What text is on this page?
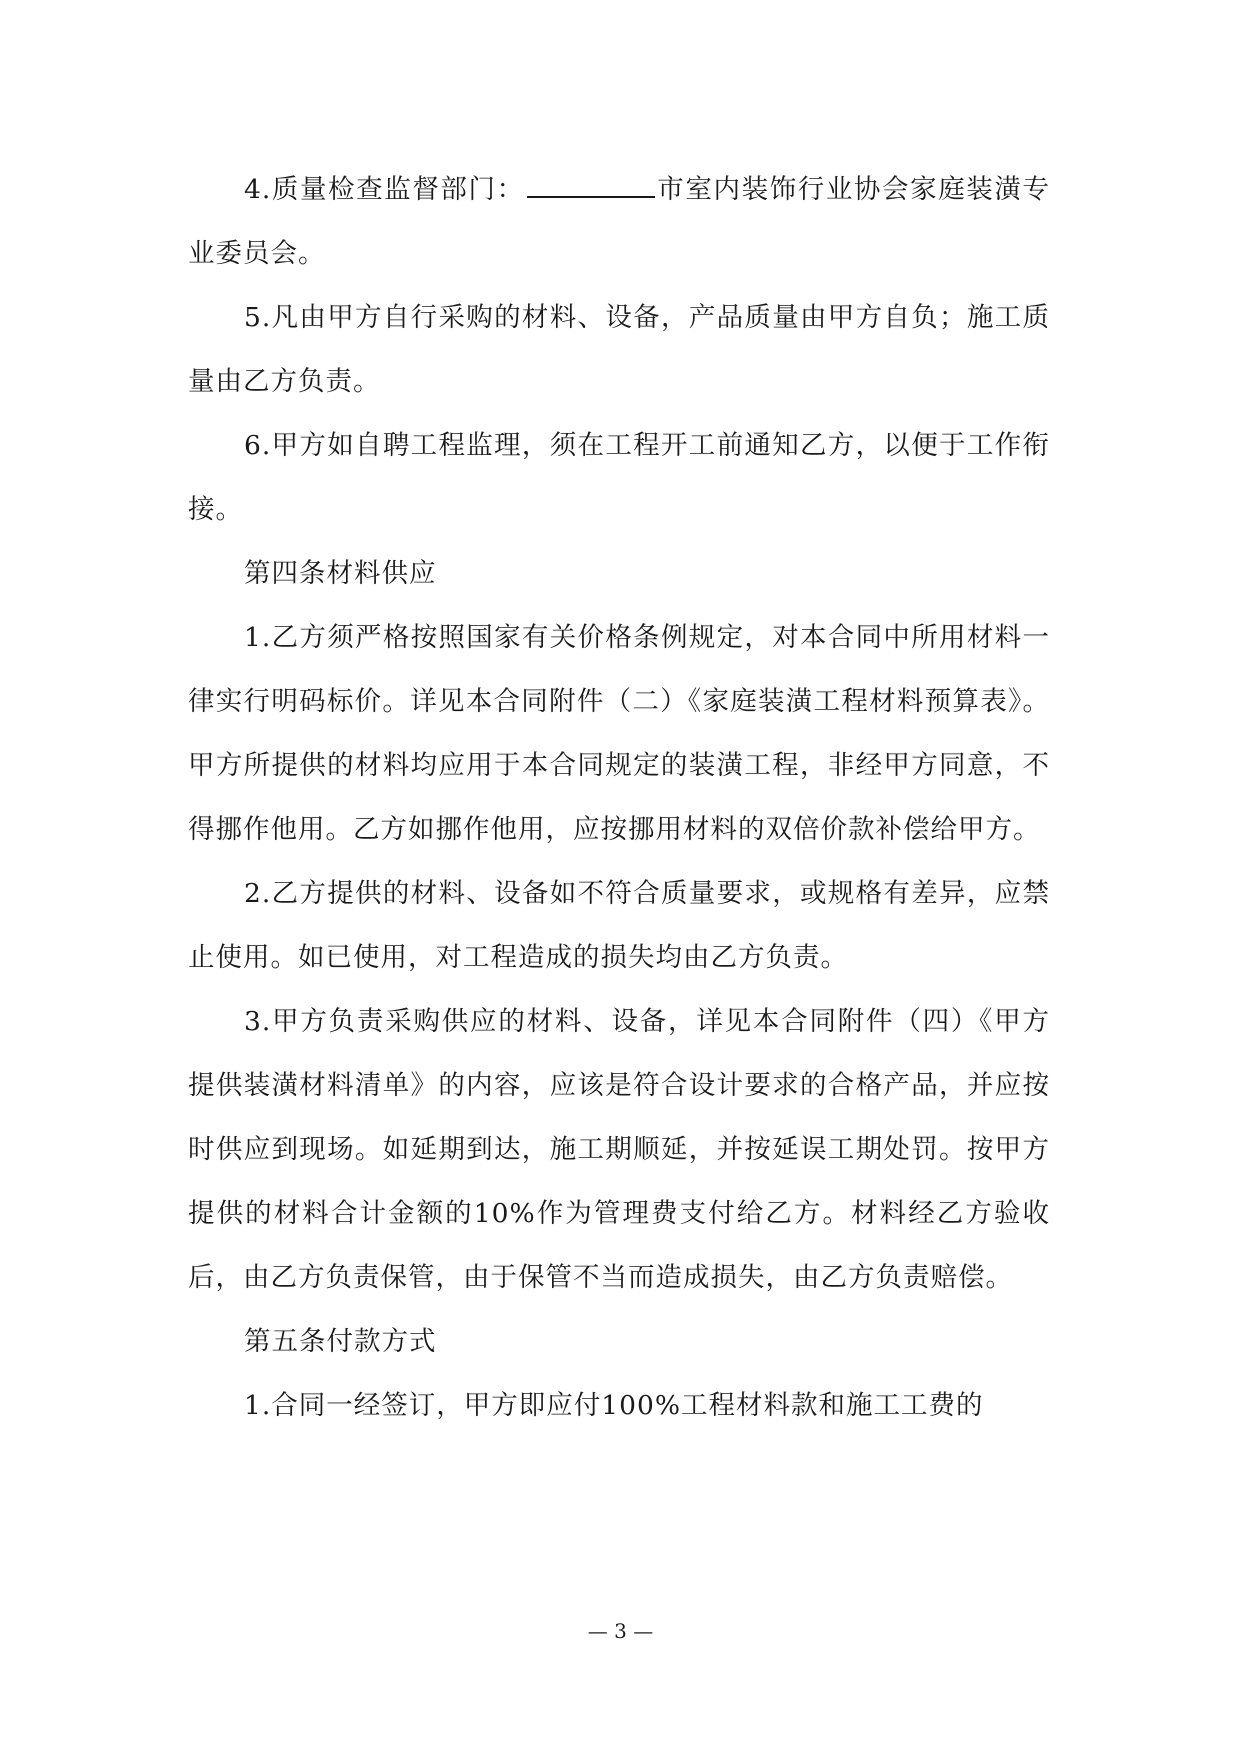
4.质量检查监督部门：	市室内装饰行业协会家庭装潢专业委员会。

5.凡由甲方自行采购的材料、设备，产品质量由甲方自负；施工质量由乙方负责。

6.甲方如自聘工程监理，须在工程开工前通知乙方，以便于工作衔接。

第四条材料供应

1.乙方须严格按照国家有关价格条例规定，对本合同中所用材料一律实行明码标价。详见本合同附件（二）《家庭装潢工程材料预算表》。甲方所提供的材料均应用于本合同规定的装潢工程，非经甲方同意，不得挪作他用。乙方如挪作他用，应按挪用材料的双倍价款补偿给甲方。

2.乙方提供的材料、设备如不符合质量要求，或规格有差异，应禁止使用。如已使用，对工程造成的损失均由乙方负责。

3.甲方负责采购供应的材料、设备，详见本合同附件（四）《甲方提供装潢材料清单》的内容，应该是符合设计要求的合格产品，并应按时供应到现场。如延期到达，施工期顺延，并按延误工期处罚。按甲方提供的材料合计金额的10%作为管理费支付给乙方。材料经乙方验收后，由乙方负责保管，由于保管不当而造成损失，由乙方负责赔偿。

第五条付款方式

1.合同一经签订，甲方即应付100%工程材料款和施工工费的

— 3 —
